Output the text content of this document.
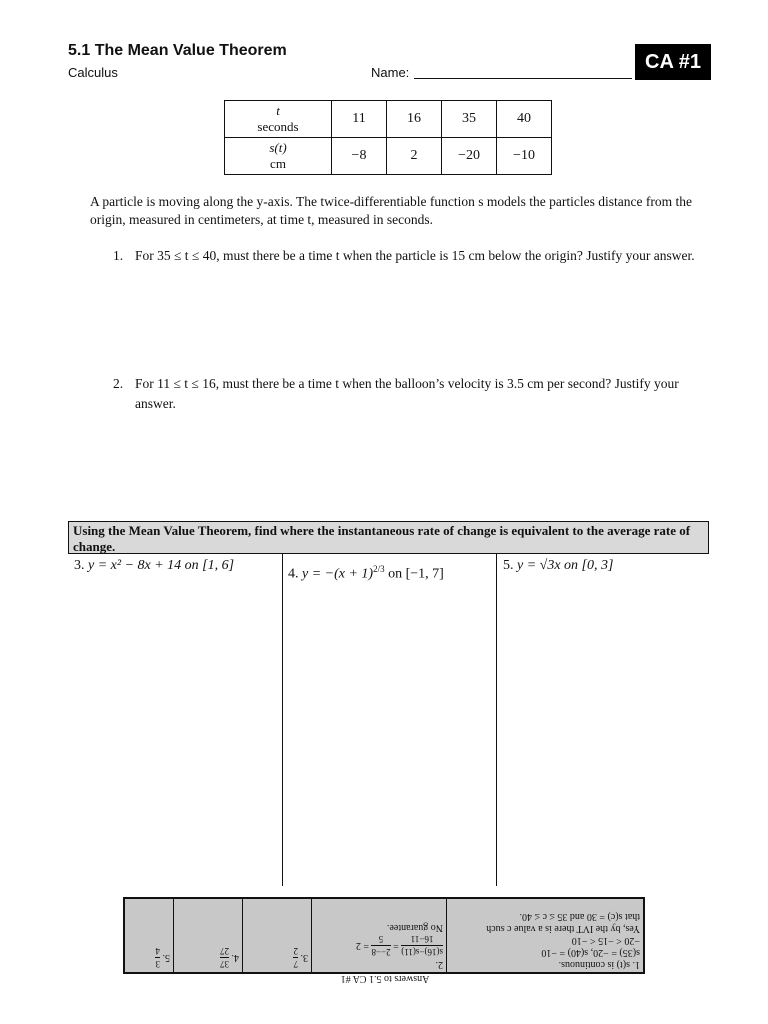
5.1 The Mean Value Theorem
Calculus	Name:	CA #1
t
seconds	11	16	35	40

s(t)
cm	−8	2	−20	−10
A particle is moving along the y-axis. The twice-differentiable function s models the particles distance from the origin, measured in centimeters, at time t, measured in seconds.
1. For 35 ≤ t ≤ 40, must there be a time t when the particle is 15 cm below the origin? Justify your answer.
2. For 11 ≤ t ≤ 16, must there be a time t when the balloon’s velocity is 3.5 cm per second? Justify your answer.
Using the Mean Value Theorem, find where the instantaneous rate of change is equivalent to the average rate of change.
3. y = x² − 8x + 14 on [1, 6]
4. $y = -(x + 1)^{2/3}$ on [−1, 7]
5. y = √3x on [0, 3]
1. s(t) is continuous.
s(35) = −20, s(40) = −10
−20 < −15 < −10
Yes, by the IVT there is a value c such
that s(c) = 30 and 35 ≤ c ≤ 40.

2.
s(16)−s(11)
16−11
=
2−−8
5
= 2
No guarantee.
	3.
7
2
	4.
37
27
	5.
3
4
Answers to 5.1 CA #1
